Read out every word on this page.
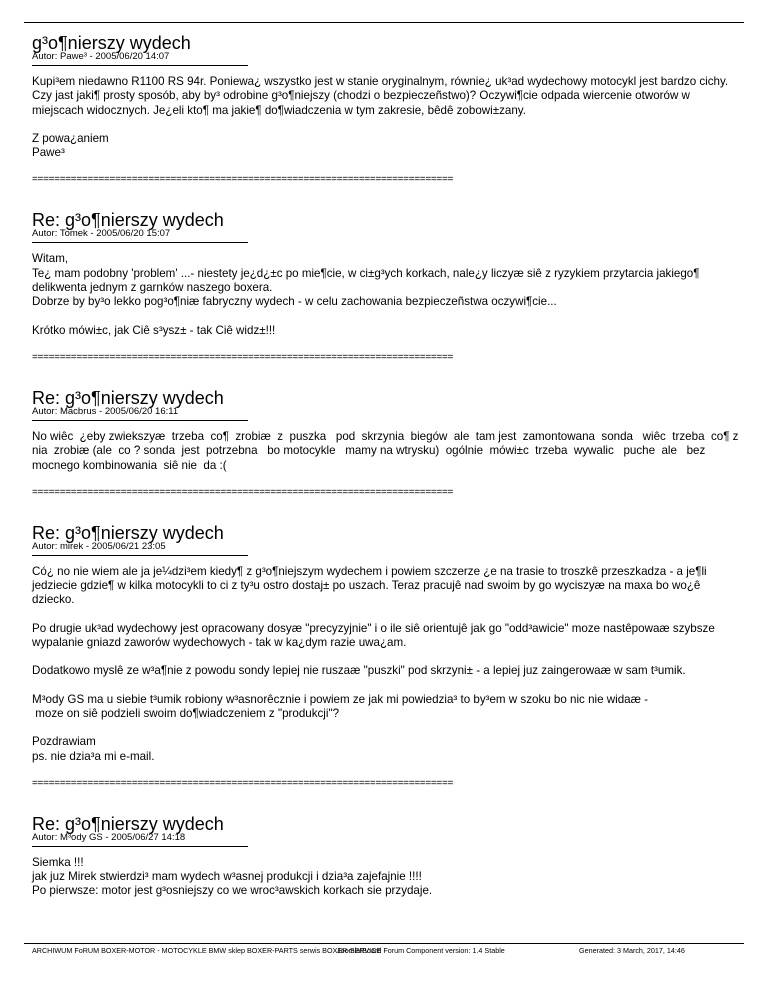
g³o¶nierszy wydech
Autor: Pawe³ - 2005/06/20 14:07

Kupi³em niedawno R1100 RS 94r. Poniewa¿ wszystko jest w stanie oryginalnym, równie¿ uk³ad wydechowy motocykl jest bardzo cichy. Czy jast jaki¶ prosty sposób, aby by³ odrobine g³o¶niejszy (chodzi o bezpieczeñstwo)? Oczywi¶cie odpada wiercenie otworów w miejscach widocznych. Je¿eli kto¶ ma jakie¶ do¶wiadczenia w tym zakresie, bêdê zobowi±zany.

Z powa¿aniem
Pawe³

============================================================================
Re: g³o¶nierszy wydech
Autor: Tomek - 2005/06/20 15:07

Witam,
Te¿ mam podobny 'problem' ...- niestety je¿d¿±c po mie¶cie, w ci±g³ych korkach, nale¿y liczyæ siê z ryzykiem przytarcia jakiego¶ delikwenta jednym z garnków naszego boxera.
Dobrze by by³o lekko pog³o¶niæ fabryczny wydech - w celu zachowania bezpieczeñstwa oczywi¶cie...

Krótko mówi±c, jak Ciê s³ysz± - tak Ciê widz±!!!

============================================================================
Re: g³o¶nierszy wydech
Autor: Macbrus - 2005/06/20 16:11

No wiêc  ¿eby zwiekszyæ  trzeba  co¶  zrobiæ  z  puszka   pod  skrzynia  biegów  ale  tam jest  zamontowana  sonda   wiêc  trzeba  co¶ z nia  zrobiæ (ale  co ? sonda  jest  potrzebna   bo motocykle   mamy na wtrysku)  ogólnie  mówi±c  trzeba  wywalic   puche  ale   bez  mocnego kombinowania  siê nie  da :(

============================================================================
Re: g³o¶nierszy wydech
Autor: mirek - 2005/06/21 23:05

Có¿ no nie wiem ale ja je¼dzi³em kiedy¶ z g³o¶niejszym wydechem i powiem szczerze ¿e na trasie to troszkê przeszkadza - a je¶li jedziecie gdzie¶ w kilka motocykli to ci z ty³u ostro dostaj± po uszach. Teraz pracujê nad swoim by go wyciszyæ na maxa bo wo¿ê dziecko.

Po drugie uk³ad wydechowy jest opracowany dosyæ "precyzyjnie" i o ile siê orientujê jak go "odd³awicie" moze nastêpowaæ szybsze wypalanie gniazd zaworów wydechowych - tak w ka¿dym razie uwa¿am.

Dodatkowo myslê ze w³a¶nie z powodu sondy lepiej nie ruszaæ "puszki" pod skrzyni± - a lepiej juz zaingerowaæ w sam t³umik.

M³ody GS ma u siebie t³umik robiony w³asnorêcznie i powiem ze jak mi powiedzia³ to by³em w szoku bo nic nie widaæ -
moze on siê podzieli swoim do¶wiadczeniem z "produkcji"?

Pozdrawiam
ps. nie dzia³a mi e-mail.

============================================================================
Re: g³o¶nierszy wydech
Autor: M³ody GS - 2005/06/27 14:18

Siemka !!!
jak juz Mirek stwierdzi³ mam wydech w³asnej produkcji i dzia³a zajefajnie !!!!
Po pierwsze: motor jest g³osniejszy co we wroc³awskich korkach sie przydaje.

ARCHIWUM FoRUM BOXER-MOTOR - MOTOCYKLE BMW sklep BOXER-PARTS serwis BOXER-SERVICE
Joomla!Board Forum Component version: 1.4 Stable	Generated: 3 March, 2017, 14:46
